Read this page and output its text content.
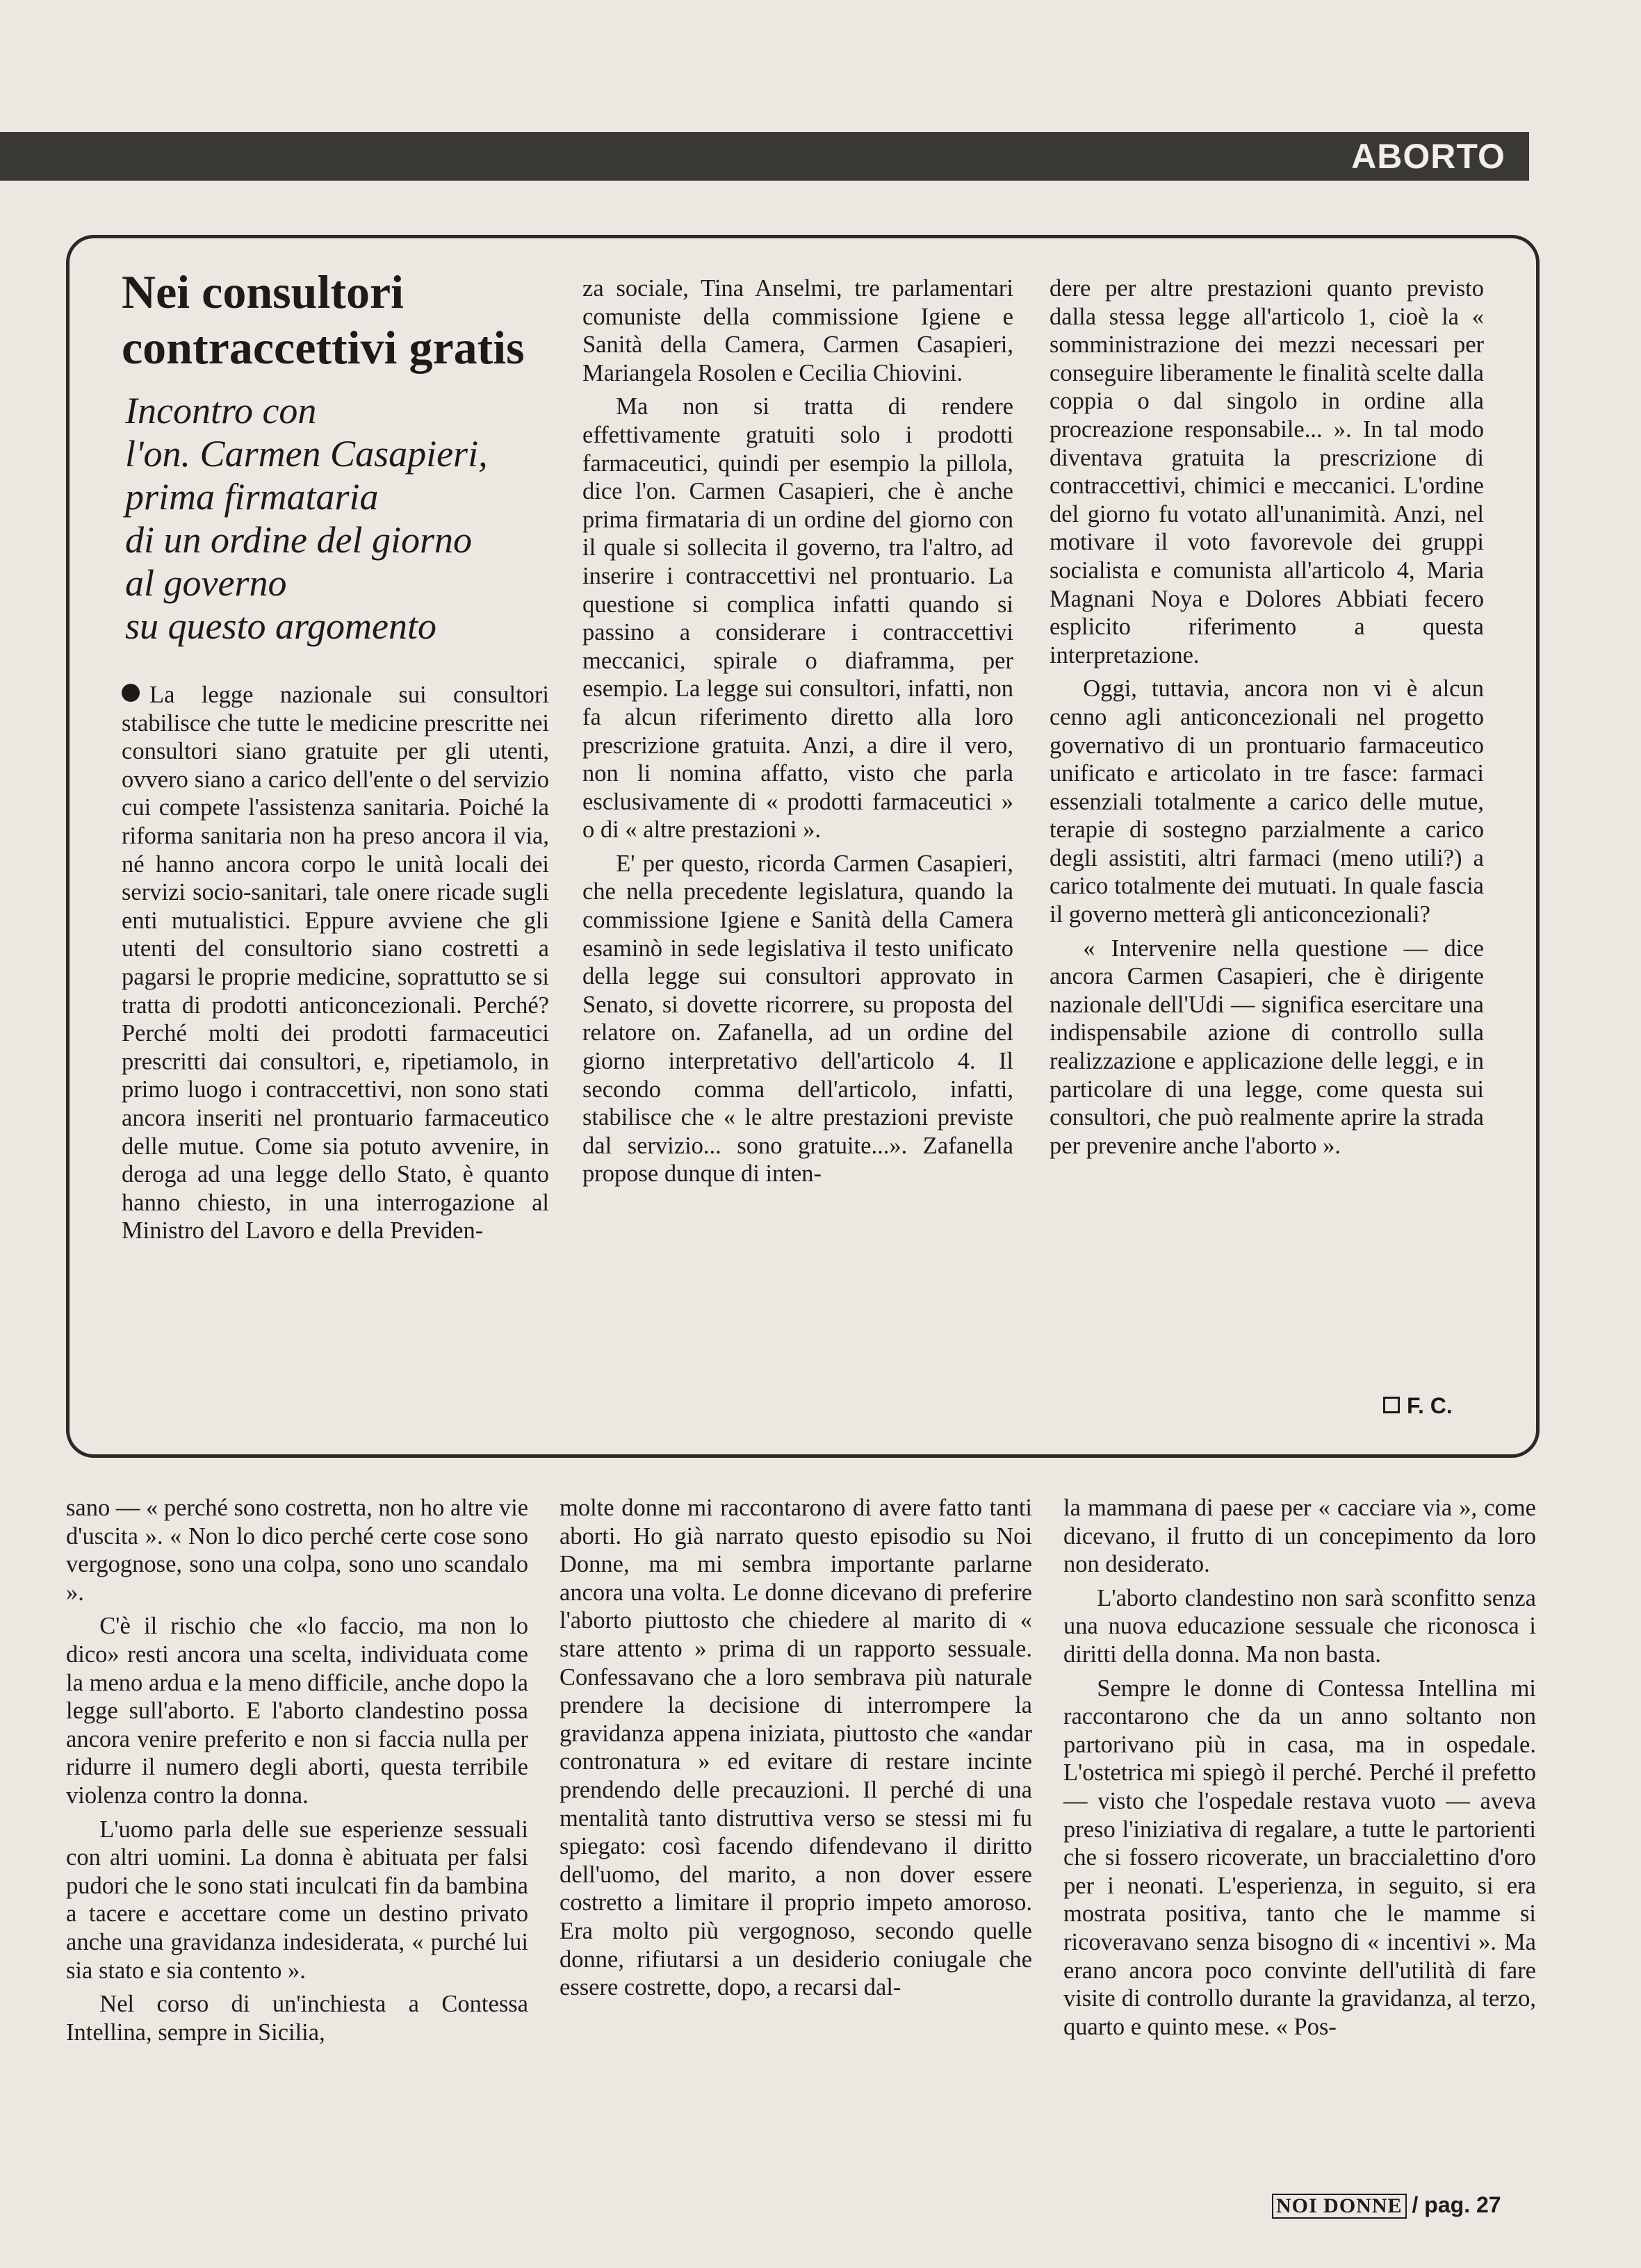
ABORTO
Nei consultori contraccettivi gratis

Incontro con
l'on. Carmen Casapieri,
prima firmataria
di un ordine del giorno
al governo
su questo argomento

La legge nazionale sui consultori stabilisce che tutte le medicine prescritte nei consultori siano gratuite per gli utenti, ovvero siano a carico dell'ente o del servizio cui compete l'assistenza sanitaria. Poiché la riforma sanitaria non ha preso ancora il via, né hanno ancora corpo le unità locali dei servizi socio-sanitari, tale onere ricade sugli enti mutualistici. Eppure avviene che gli utenti del consultorio siano costretti a pagarsi le proprie medicine, soprattutto se si tratta di prodotti anticoncezionali. Perché? Perché molti dei prodotti farmaceutici prescritti dai consultori, e, ripetiamolo, in primo luogo i contraccettivi, non sono stati ancora inseriti nel prontuario farmaceutico delle mutue. Come sia potuto avvenire, in deroga ad una legge dello Stato, è quanto hanno chiesto, in una interrogazione al Ministro del Lavoro e della Previden-

za sociale, Tina Anselmi, tre parlamentari comuniste della commissione Igiene e Sanità della Camera, Carmen Casapieri, Mariangela Rosolen e Cecilia Chiovini.

Ma non si tratta di rendere effettivamente gratuiti solo i prodotti farmaceutici, quindi per esempio la pillola, dice l'on. Carmen Casapieri, che è anche prima firmataria di un ordine del giorno con il quale si sollecita il governo, tra l'altro, ad inserire i contraccettivi nel prontuario. La questione si complica infatti quando si passino a considerare i contraccettivi meccanici, spirale o diaframma, per esempio. La legge sui consultori, infatti, non fa alcun riferimento diretto alla loro prescrizione gratuita. Anzi, a dire il vero, non li nomina affatto, visto che parla esclusivamente di « prodotti farmaceutici » o di « altre prestazioni ».

E' per questo, ricorda Carmen Casapieri, che nella precedente legislatura, quando la commissione Igiene e Sanità della Camera esaminò in sede legislativa il testo unificato della legge sui consultori approvato in Senato, si dovette ricorrere, su proposta del relatore on. Zafanella, ad un ordine del giorno interpretativo dell'articolo 4. Il secondo comma dell'articolo, infatti, stabilisce che « le altre prestazioni previste dal servizio... sono gratuite...». Zafanella propose dunque di inten-

dere per altre prestazioni quanto previsto dalla stessa legge all'articolo 1, cioè la « somministrazione dei mezzi necessari per conseguire liberamente le finalità scelte dalla coppia o dal singolo in ordine alla procreazione responsabile... ». In tal modo diventava gratuita la prescrizione di contraccettivi, chimici e meccanici. L'ordine del giorno fu votato all'unanimità. Anzi, nel motivare il voto favorevole dei gruppi socialista e comunista all'articolo 4, Maria Magnani Noya e Dolores Abbiati fecero esplicito riferimento a questa interpretazione.

Oggi, tuttavia, ancora non vi è alcun cenno agli anticoncezionali nel progetto governativo di un prontuario farmaceutico unificato e articolato in tre fasce: farmaci essenziali totalmente a carico delle mutue, terapie di sostegno parzialmente a carico degli assistiti, altri farmaci (meno utili?) a carico totalmente dei mutuati. In quale fascia il governo metterà gli anticoncezionali?

« Intervenire nella questione — dice ancora Carmen Casapieri, che è dirigente nazionale dell'Udi — significa esercitare una indispensabile azione di controllo sulla realizzazione e applicazione delle leggi, e in particolare di una legge, come questa sui consultori, che può realmente aprire la strada per prevenire anche l'aborto ».

F. C.

sano — « perché sono costretta, non ho altre vie d'uscita ». « Non lo dico perché certe cose sono vergognose, sono una colpa, sono uno scandalo ».

C'è il rischio che «lo faccio, ma non lo dico» resti ancora una scelta, individuata come la meno ardua e la meno difficile, anche dopo la legge sull'aborto. E l'aborto clandestino possa ancora venire preferito e non si faccia nulla per ridurre il numero degli aborti, questa terribile violenza contro la donna.

L'uomo parla delle sue esperienze sessuali con altri uomini. La donna è abituata per falsi pudori che le sono stati inculcati fin da bambina a tacere e accettare come un destino privato anche una gravidanza indesiderata, « purché lui sia stato e sia contento ».

Nel corso di un'inchiesta a Contessa Intellina, sempre in Sicilia,

molte donne mi raccontarono di avere fatto tanti aborti. Ho già narrato questo episodio su Noi Donne, ma mi sembra importante parlarne ancora una volta. Le donne dicevano di preferire l'aborto piuttosto che chiedere al marito di « stare attento » prima di un rapporto sessuale. Confessavano che a loro sembrava più naturale prendere la decisione di interrompere la gravidanza appena iniziata, piuttosto che «andar contronatura » ed evitare di restare incinte prendendo delle precauzioni. Il perché di una mentalità tanto distruttiva verso se stessi mi fu spiegato: così facendo difendevano il diritto dell'uomo, del marito, a non dover essere costretto a limitare il proprio impeto amoroso. Era molto più vergognoso, secondo quelle donne, rifiutarsi a un desiderio coniugale che essere costrette, dopo, a recarsi dal-

la mammana di paese per « cacciare via », come dicevano, il frutto di un concepimento da loro non desiderato.

L'aborto clandestino non sarà sconfitto senza una nuova educazione sessuale che riconosca i diritti della donna. Ma non basta.

Sempre le donne di Contessa Intellina mi raccontarono che da un anno soltanto non partorivano più in casa, ma in ospedale. L'ostetrica mi spiegò il perché. Perché il prefetto — visto che l'ospedale restava vuoto — aveva preso l'iniziativa di regalare, a tutte le partorienti che si fossero ricoverate, un braccialettino d'oro per i neonati. L'esperienza, in seguito, si era mostrata positiva, tanto che le mamme si ricoveravano senza bisogno di « incentivi ». Ma erano ancora poco convinte dell'utilità di fare visite di controllo durante la gravidanza, al terzo, quarto e quinto mese. « Pos-

NOI DONNE / pag. 27
